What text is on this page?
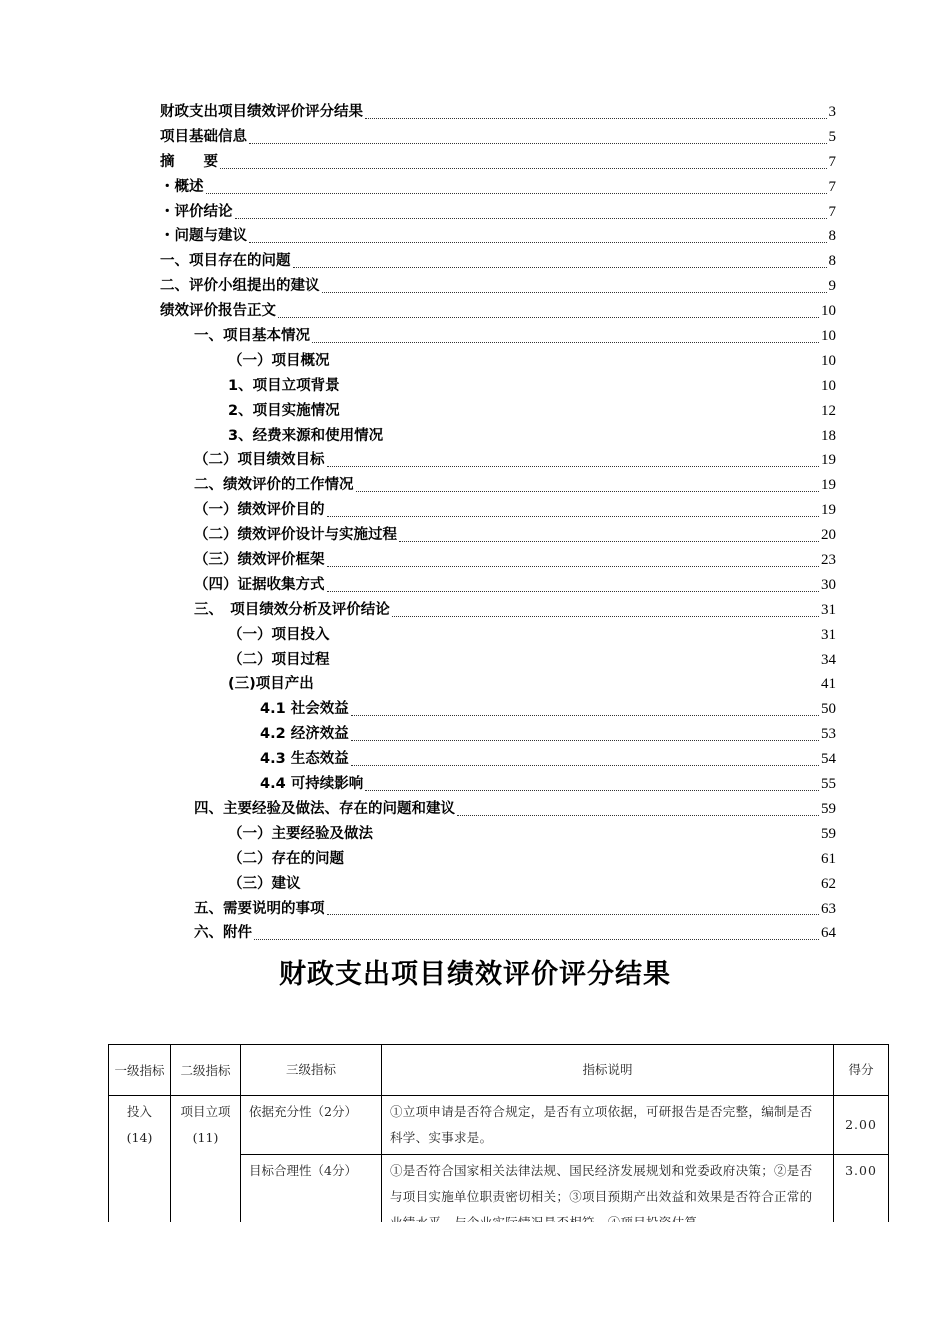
财政支出项目绩效评价评分结果	3
项目基础信息	5
摘　　要	7
・概述	7
・评价结论	7
・问题与建议	8
一、项目存在的问题	8
二、评价小组提出的建议	9
绩效评价报告正文	10
一、项目基本情况	10
（一）项目概况	10
1、项目立项背景	10
2、项目实施情况	12
3、经费来源和使用情况	18
（二）项目绩效目标	19
二、绩效评价的工作情况	19
（一）绩效评价目的	19
（二）绩效评价设计与实施过程	20
（三）绩效评价框架	23
（四）证据收集方式	30
三、　项目绩效分析及评价结论	31
（一）项目投入	31
（二）项目过程	34
(三)项目产出	41
4.1 社会效益	50
4.2 经济效益	53
4.3 生态效益	54
4.4 可持续影响	55
四、主要经验及做法、存在的问题和建议	59
（一）主要经验及做法	59
（二）存在的问题	61
（三）建议	62
五、需要说明的事项	63
六、附件	64
财政支出项目绩效评价评分结果
一级指标	二级指标	三级指标	指标说明	得分
投入(14)	项目立项(11)	依据充分性（2分）	①立项申请是否符合规定，是否有立项依据，可研报告是否完整，编制是否科学、实事求是。	2.00
		目标合理性（4分）	①是否符合国家相关法律法规、国民经济发展规划和党委政府决策；②是否与项目实施单位职责密切相关；③项目预期产出效益和效果是否符合正常的	3.00
